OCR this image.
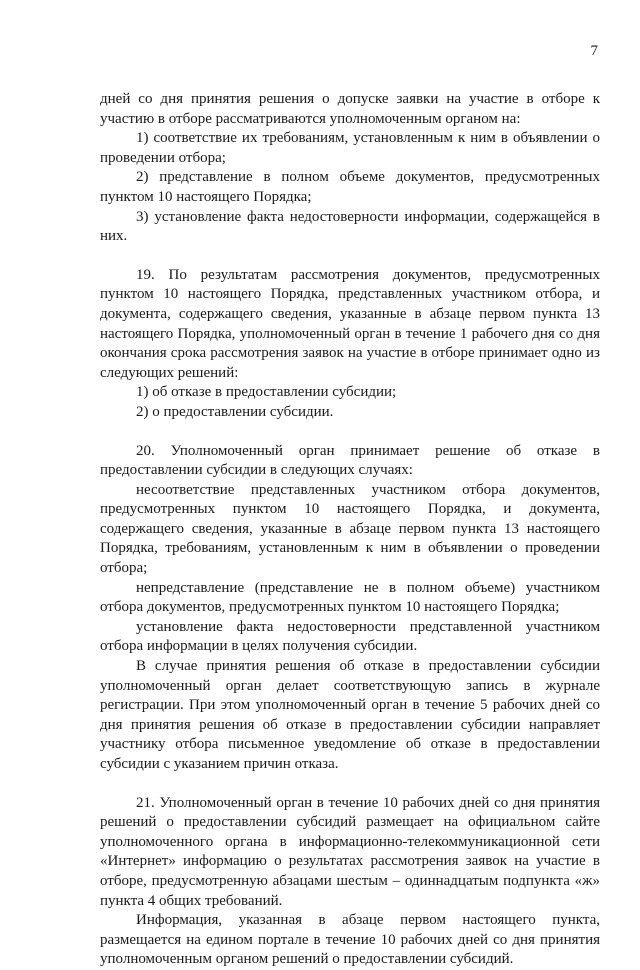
7

дней со дня принятия решения о допуске заявки на участие в отборе к участию в отборе рассматриваются уполномоченным органом на:

1) соответствие их требованиям, установленным к ним в объявлении о проведении отбора;

2) представление в полном объеме документов, предусмотренных пунктом 10 настоящего Порядка;

3) установление факта недостоверности информации, содержащейся в них.

19. По результатам рассмотрения документов, предусмотренных пунктом 10 настоящего Порядка, представленных участником отбора, и документа, содержащего сведения, указанные в абзаце первом пункта 13 настоящего Порядка, уполномоченный орган в течение 1 рабочего дня со дня окончания срока рассмотрения заявок на участие в отборе принимает одно из следующих решений:

1) об отказе в предоставлении субсидии;

2) о предоставлении субсидии.

20. Уполномоченный орган принимает решение об отказе в предоставлении субсидии в следующих случаях:

несоответствие представленных участником отбора документов, предусмотренных пунктом 10 настоящего Порядка, и документа, содержащего сведения, указанные в абзаце первом пункта 13 настоящего Порядка, требованиям, установленным к ним в объявлении о проведении отбора;

непредставление (представление не в полном объеме) участником отбора документов, предусмотренных пунктом 10 настоящего Порядка;

установление факта недостоверности представленной участником отбора информации в целях получения субсидии.

В случае принятия решения об отказе в предоставлении субсидии уполномоченный орган делает соответствующую запись в журнале регистрации. При этом уполномоченный орган в течение 5 рабочих дней со дня принятия решения об отказе в предоставлении субсидии направляет участнику отбора письменное уведомление об отказе в предоставлении субсидии с указанием причин отказа.

21. Уполномоченный орган в течение 10 рабочих дней со дня принятия решений о предоставлении субсидий размещает на официальном сайте уполномоченного органа в информационно-телекоммуникационной сети «Интернет» информацию о результатах рассмотрения заявок на участие в отборе, предусмотренную абзацами шестым – одиннадцатым подпункта «ж» пункта 4 общих требований.

Информация, указанная в абзаце первом настоящего пункта, размещается на едином портале в течение 10 рабочих дней со дня принятия уполномоченным органом решений о предоставлении субсидий.
